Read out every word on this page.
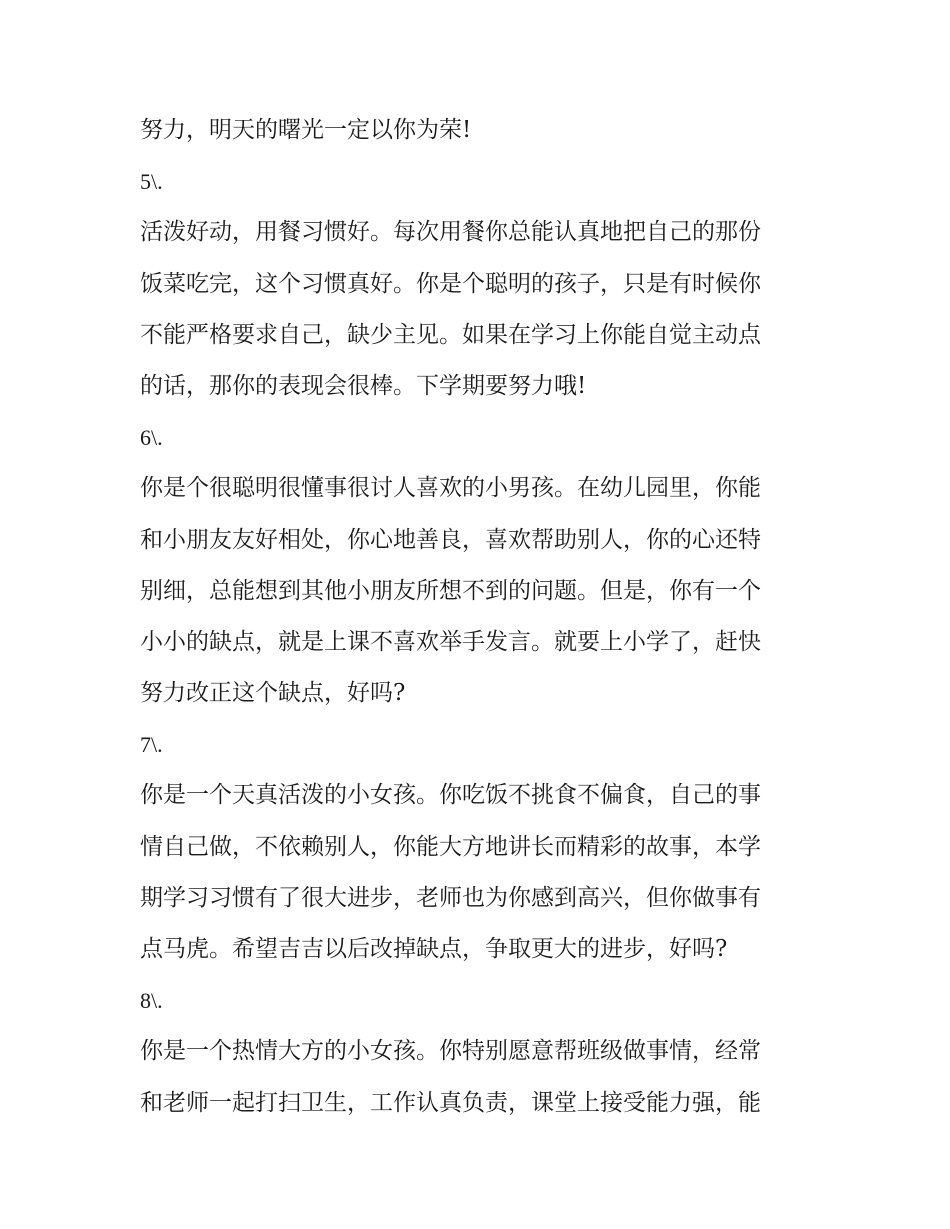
努力，明天的曙光一定以你为荣!
5\.
活泼好动，用餐习惯好。每次用餐你总能认真地把自己的那份
饭菜吃完，这个习惯真好。你是个聪明的孩子，只是有时候你
不能严格要求自己，缺少主见。如果在学习上你能自觉主动点
的话，那你的表现会很棒。下学期要努力哦!
6\.
你是个很聪明很懂事很讨人喜欢的小男孩。在幼儿园里，你能
和小朋友友好相处，你心地善良，喜欢帮助别人，你的心还特
别细，总能想到其他小朋友所想不到的问题。但是，你有一个
小小的缺点，就是上课不喜欢举手发言。就要上小学了，赶快
努力改正这个缺点，好吗?
7\.
你是一个天真活泼的小女孩。你吃饭不挑食不偏食，自己的事
情自己做，不依赖别人，你能大方地讲长而精彩的故事，本学
期学习习惯有了很大进步，老师也为你感到高兴，但你做事有
点马虎。希望吉吉以后改掉缺点，争取更大的进步，好吗?
8\.
你是一个热情大方的小女孩。你特别愿意帮班级做事情，经常
和老师一起打扫卫生，工作认真负责，课堂上接受能力强，能
